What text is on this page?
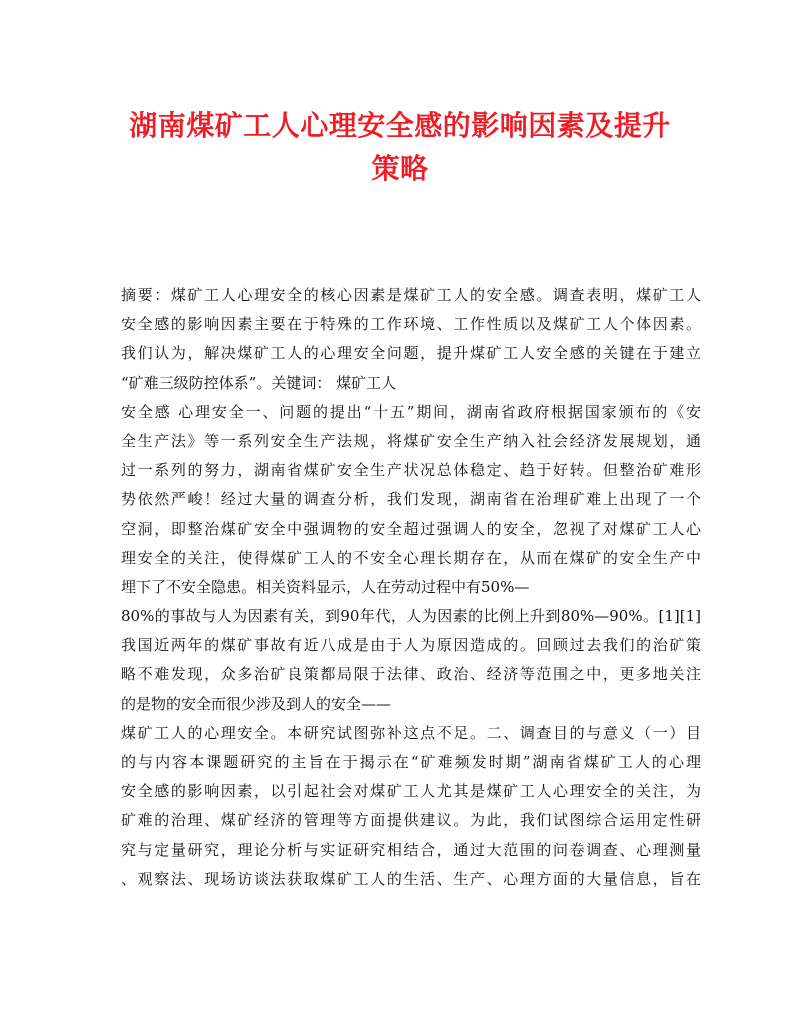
湖南煤矿工人心理安全感的影响因素及提升
策略
摘要：煤矿工人心理安全的核心因素是煤矿工人的安全感。调查表明，煤矿工人
安全感的影响因素主要在于特殊的工作环境、工作性质以及煤矿工人个体因素。
我们认为，解决煤矿工人的心理安全问题，提升煤矿工人安全感的关键在于建立
“矿难三级防控体系”。关键词： 煤矿工人
安全感 心理安全一、问题的提出“十五”期间，湖南省政府根据国家颁布的《安
全生产法》等一系列安全生产法规，将煤矿安全生产纳入社会经济发展规划，通
过一系列的努力，湖南省煤矿安全生产状况总体稳定、趋于好转。但整治矿难形
势依然严峻！经过大量的调查分析，我们发现，湖南省在治理矿难上出现了一个
空洞，即整治煤矿安全中强调物的安全超过强调人的安全，忽视了对煤矿工人心
理安全的关注，使得煤矿工人的不安全心理长期存在，从而在煤矿的安全生产中
埋下了不安全隐患。相关资料显示，人在劳动过程中有50%—
80%的事故与人为因素有关，到90年代，人为因素的比例上升到80%—90%。[1][1]
我国近两年的煤矿事故有近八成是由于人为原因造成的。回顾过去我们的治矿策
略不难发现，众多治矿良策都局限于法律、政治、经济等范围之中，更多地关注
的是物的安全而很少涉及到人的安全——
煤矿工人的心理安全。本研究试图弥补这点不足。二、调查目的与意义（一）目
的与内容本课题研究的主旨在于揭示在“矿难频发时期”湖南省煤矿工人的心理
安全感的影响因素，以引起社会对煤矿工人尤其是煤矿工人心理安全的关注，为
矿难的治理、煤矿经济的管理等方面提供建议。为此，我们试图综合运用定性研
究与定量研究，理论分析与实证研究相结合，通过大范围的问卷调查、心理测量
、观察法、现场访谈法获取煤矿工人的生活、生产、心理方面的大量信息，旨在
